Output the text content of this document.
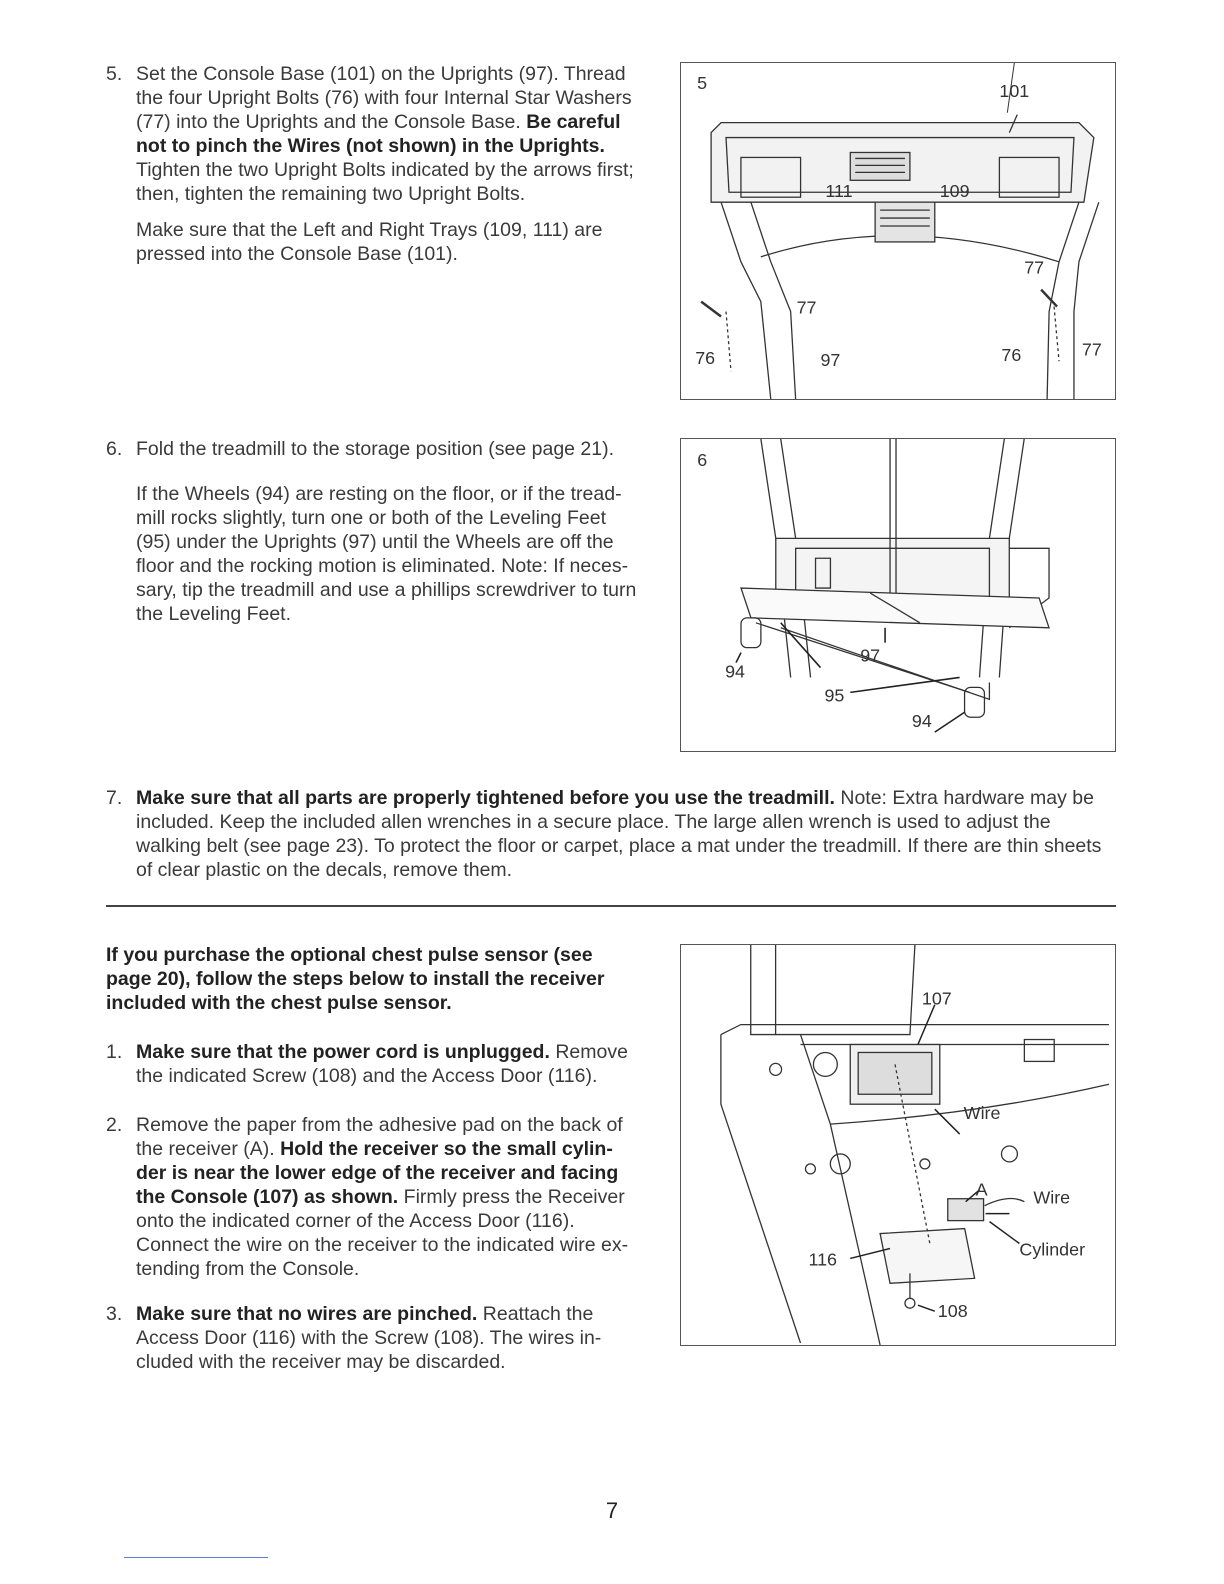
5. Set the Console Base (101) on the Uprights (97). Thread the four Upright Bolts (76) with four Internal Star Washers (77) into the Uprights and the Console Base. Be careful not to pinch the Wires (not shown) in the Uprights. Tighten the two Upright Bolts indicated by the arrows first; then, tighten the remaining two Upright Bolts.

Make sure that the Left and Right Trays (109, 111) are pressed into the Console Base (101).

5	101
111	109
77
77
76	97	76	77
6. Fold the treadmill to the storage position (see page 21).

If the Wheels (94) are resting on the floor, or if the tread-mill rocks slightly, turn one or both of the Leveling Feet (95) under the Uprights (97) until the Wheels are off the floor and the rocking motion is eliminated. Note: If neces-sary, tip the treadmill and use a phillips screwdriver to turn the Leveling Feet.

6
97
94
95
94
7. Make sure that all parts are properly tightened before you use the treadmill. Note: Extra hardware may be included. Keep the included allen wrenches in a secure place. The large allen wrench is used to adjust the walking belt (see page 23). To protect the floor or carpet, place a mat under the treadmill. If there are thin sheets of clear plastic on the decals, remove them.

If you purchase the optional chest pulse sensor (see page 20), follow the steps below to install the receiver included with the chest pulse sensor.

1. Make sure that the power cord is unplugged. Remove the indicated Screw (108) and the Access Door (116).

2. Remove the paper from the adhesive pad on the back of the receiver (A). Hold the receiver so the small cylin-der is near the lower edge of the receiver and facing the Console (107) as shown. Firmly press the Receiver onto the indicated corner of the Access Door (116). Connect the wire on the receiver to the indicated wire ex-tending from the Console.

3. Make sure that no wires are pinched. Reattach the Access Door (116) with the Screw (108). The wires in-cluded with the receiver may be discarded.

107
Wire
A	Wire
Cylinder
116
108
7
